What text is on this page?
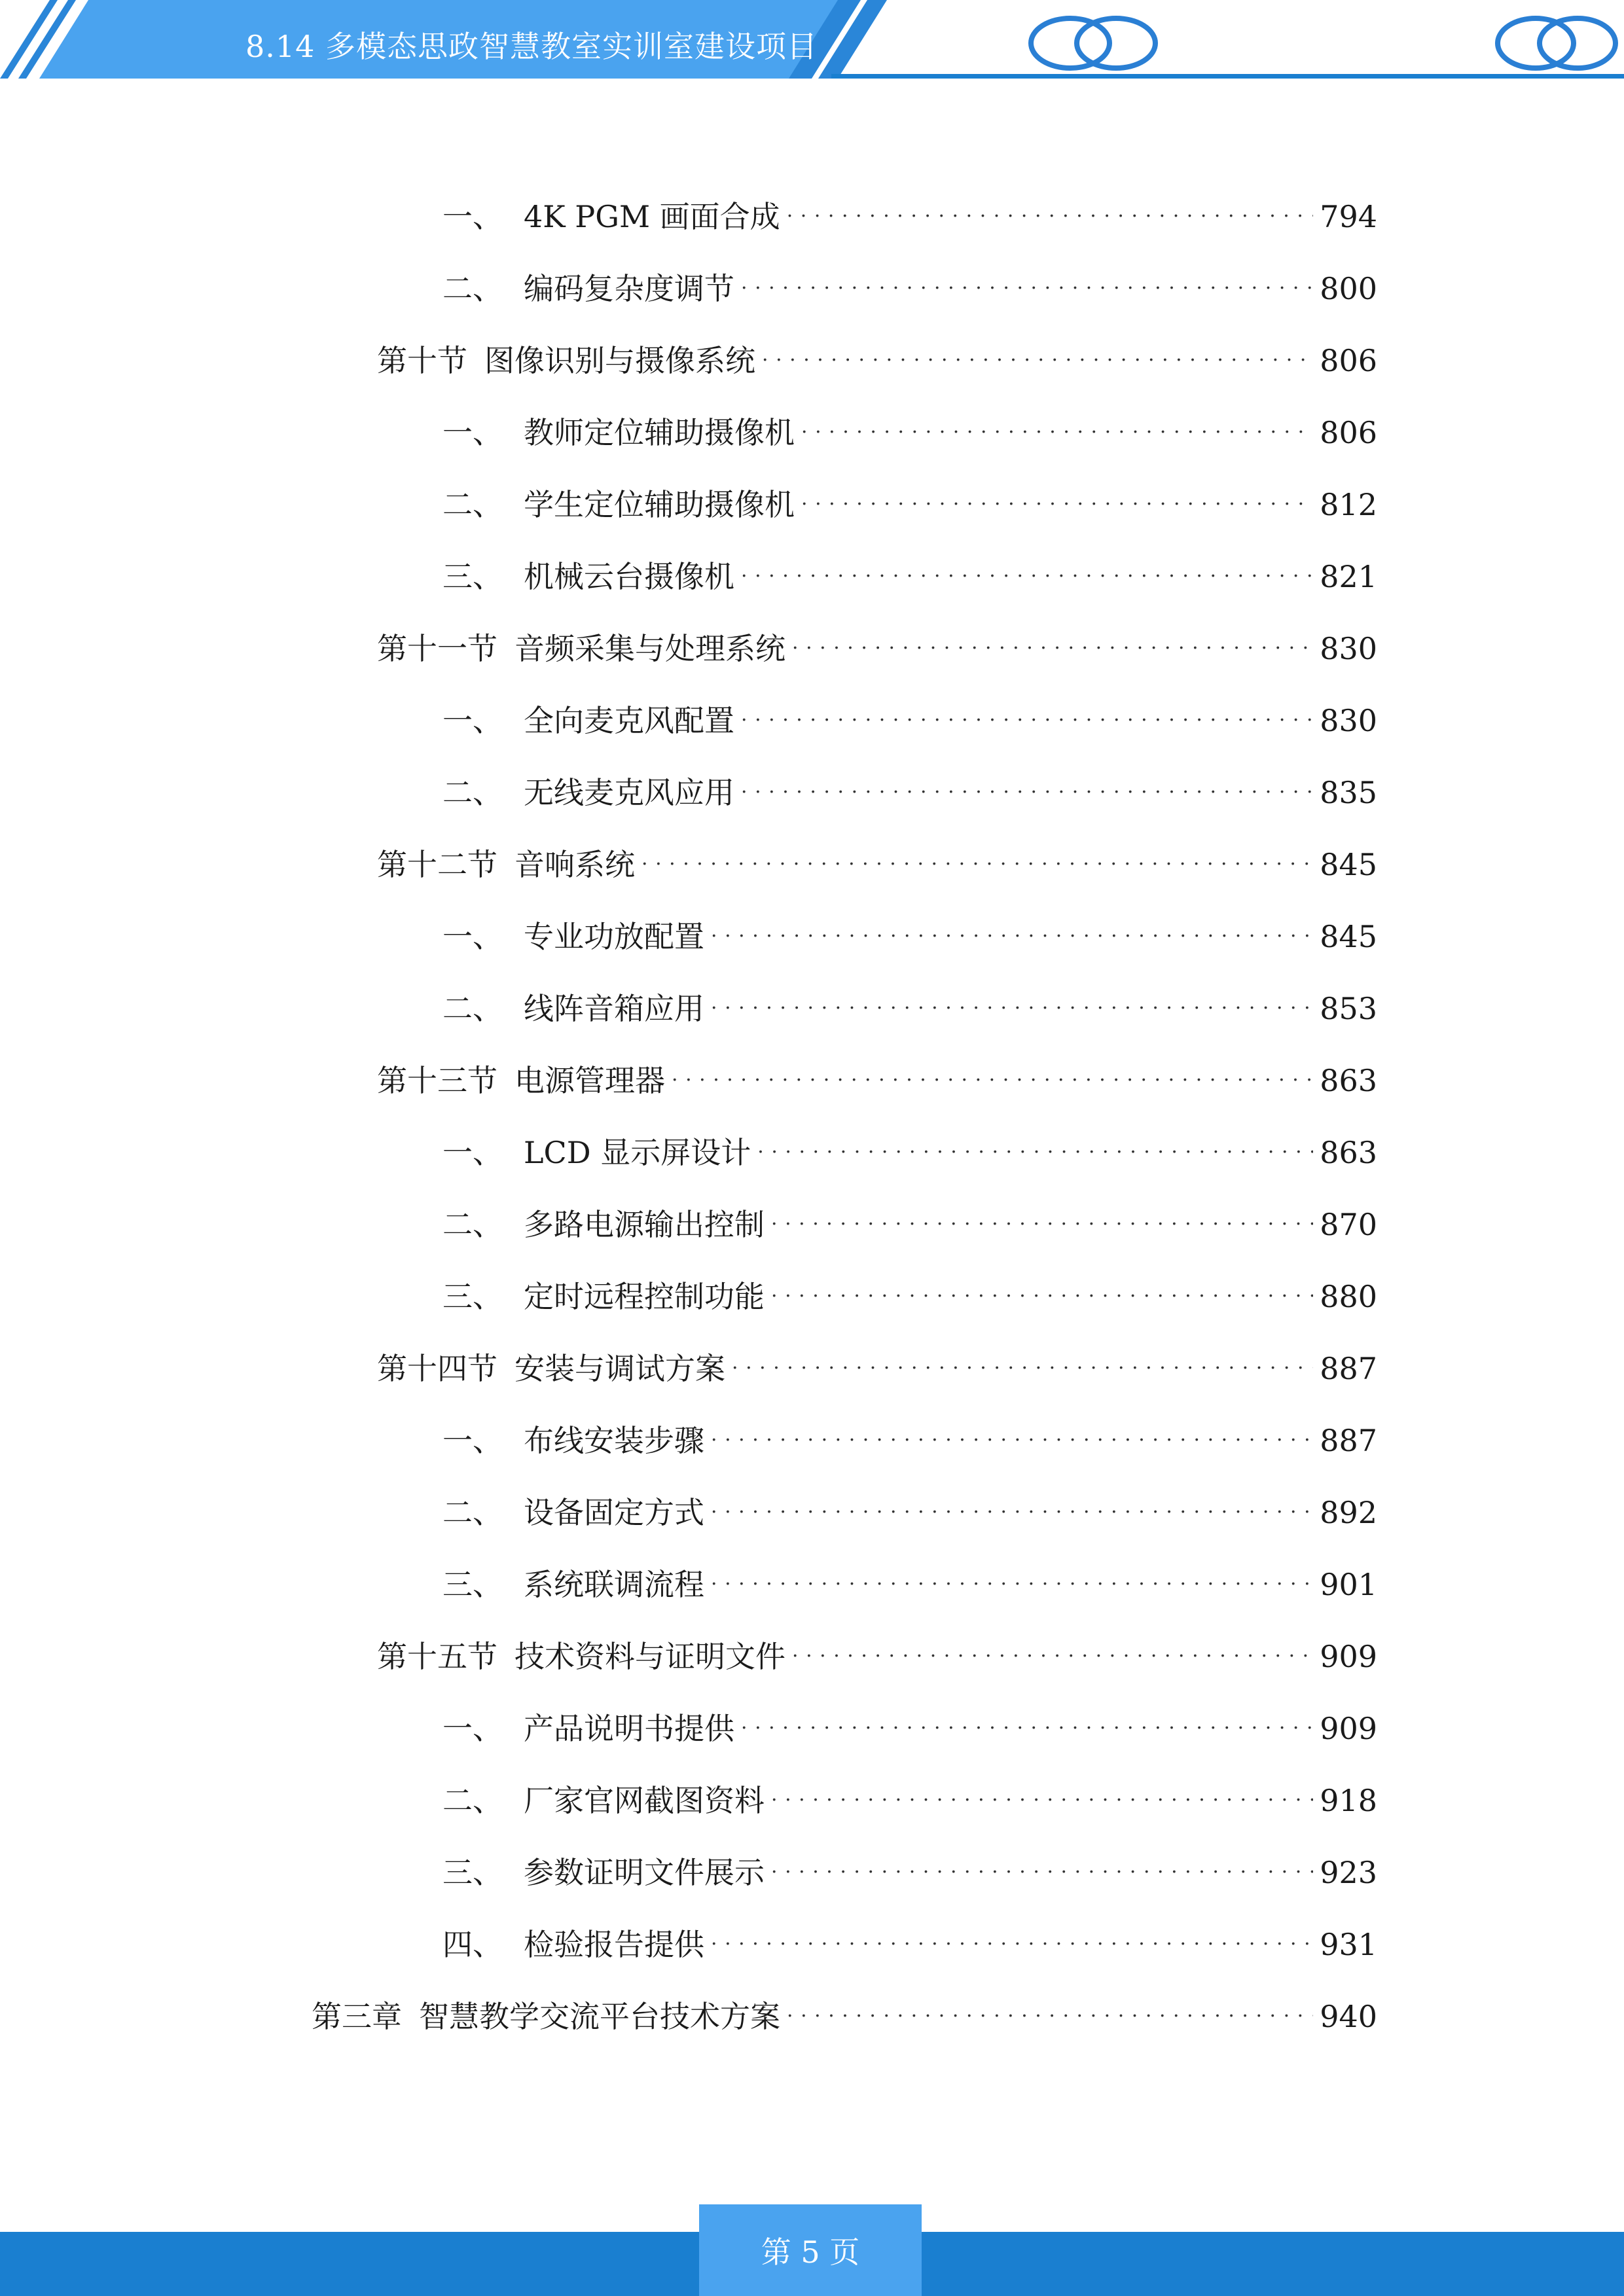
8.14 多模态思政智慧教室实训室建设项目
一、 4K PGM 画面合成 · · ·	794
二、 编码复杂度调节 · · ·	800
第十节 图像识别与摄像系统 · · ·	806
一、 教师定位辅助摄像机 · · ·	806
二、 学生定位辅助摄像机 · · ·	812
三、 机械云台摄像机 · · ·	821
第十一节 音频采集与处理系统 · · ·	830
一、 全向麦克风配置 · · ·	830
二、 无线麦克风应用 · · ·	835
第十二节 音响系统 · · ·	845
一、 专业功放配置 · · ·	845
二、 线阵音箱应用 · · ·	853
第十三节 电源管理器 · · ·	863
一、 LCD 显示屏设计 · · ·	863
二、 多路电源输出控制 · · ·	870
三、 定时远程控制功能 · · ·	880
第十四节 安装与调试方案 · · ·	887
一、 布线安装步骤 · · ·	887
二、 设备固定方式 · · ·	892
三、 系统联调流程 · · ·	901
第十五节 技术资料与证明文件 · · ·	909
一、 产品说明书提供 · · ·	909
二、 厂家官网截图资料 · · ·	918
三、 参数证明文件展示 · · ·	923
四、 检验报告提供 · · ·	931
第三章 智慧教学交流平台技术方案 · · ·	940
第 5 页
